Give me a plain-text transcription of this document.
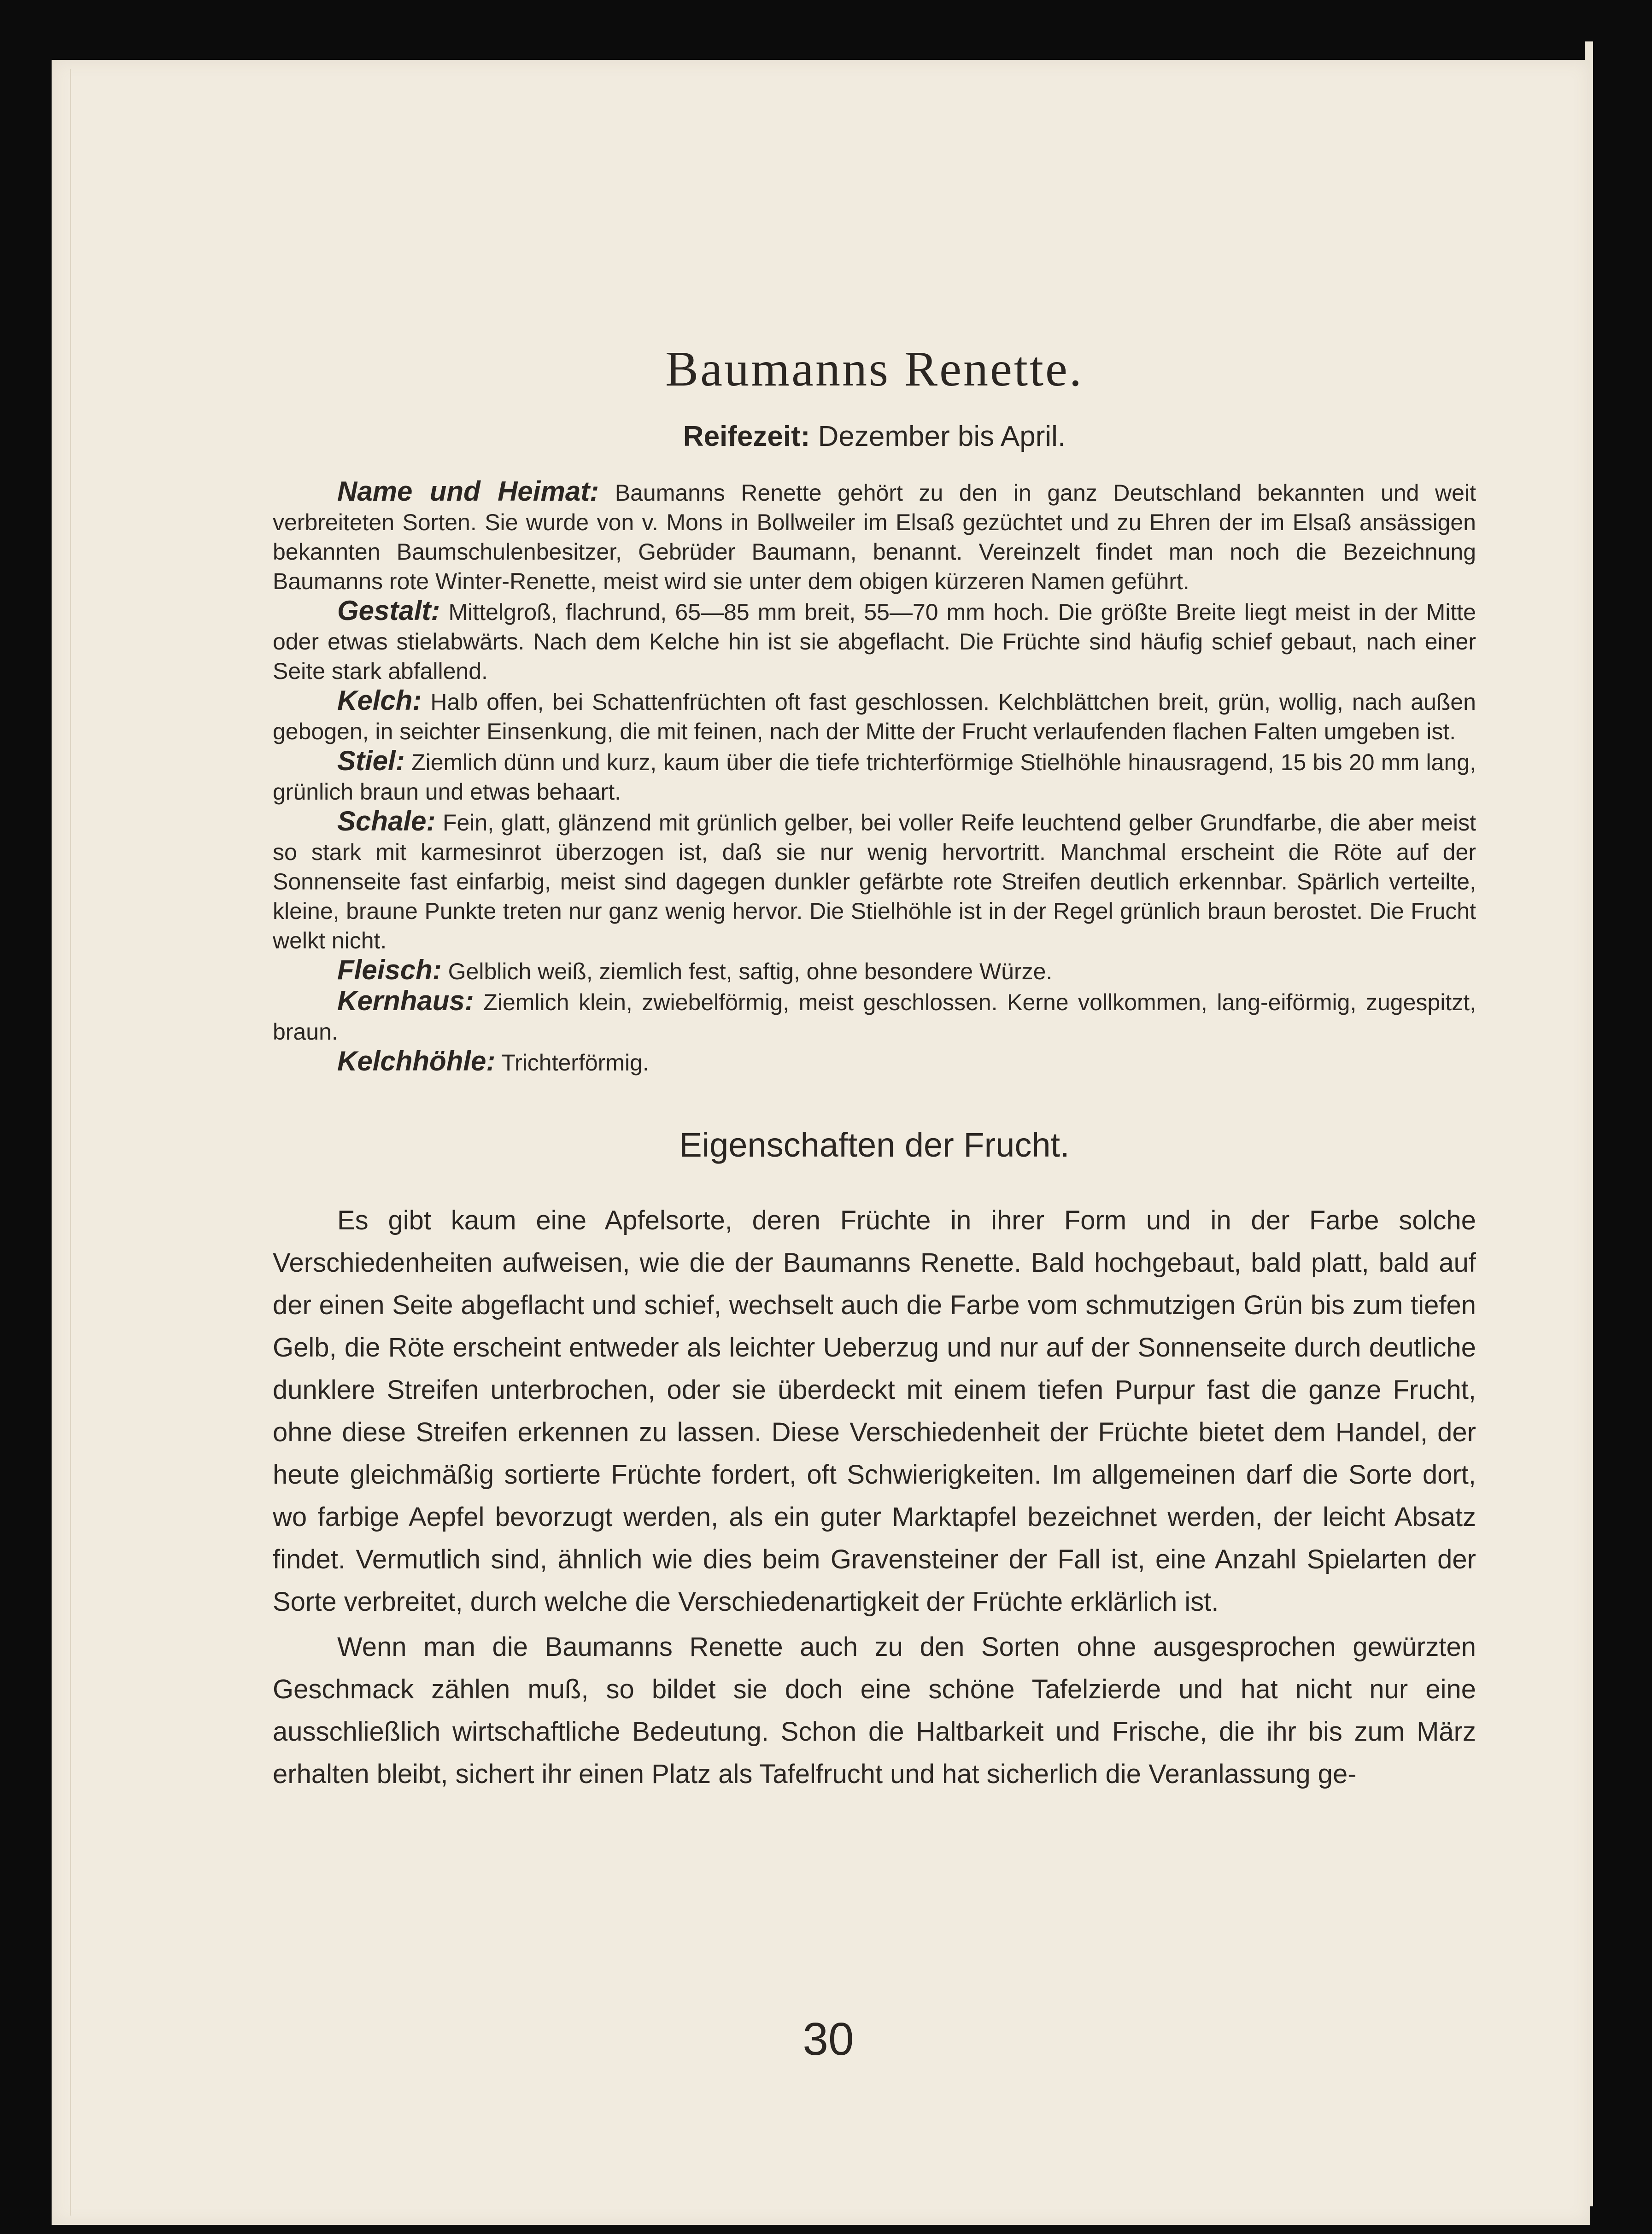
Baumanns Renette.

Reifezeit: Dezember bis April.

Name und Heimat: Baumanns Renette gehört zu den in ganz Deutschland bekannten und weit verbreiteten Sorten. Sie wurde von v. Mons in Bollweiler im Elsaß gezüchtet und zu Ehren der im Elsaß ansässigen bekannten Baumschulenbesitzer, Gebrüder Baumann, benannt. Vereinzelt findet man noch die Bezeichnung Baumanns rote Winter-Renette, meist wird sie unter dem obigen kürzeren Namen geführt.

Gestalt: Mittelgroß, flachrund, 65—85 mm breit, 55—70 mm hoch. Die größte Breite liegt meist in der Mitte oder etwas stielabwärts. Nach dem Kelche hin ist sie abgeflacht. Die Früchte sind häufig schief gebaut, nach einer Seite stark abfallend.

Kelch: Halb offen, bei Schattenfrüchten oft fast geschlossen. Kelchblättchen breit, grün, wollig, nach außen gebogen, in seichter Einsenkung, die mit feinen, nach der Mitte der Frucht verlaufenden flachen Falten umgeben ist.

Stiel: Ziemlich dünn und kurz, kaum über die tiefe trichterförmige Stielhöhle hinausragend, 15 bis 20 mm lang, grünlich braun und etwas behaart.

Schale: Fein, glatt, glänzend mit grünlich gelber, bei voller Reife leuchtend gelber Grundfarbe, die aber meist so stark mit karmesinrot überzogen ist, daß sie nur wenig hervortritt. Manchmal erscheint die Röte auf der Sonnenseite fast einfarbig, meist sind dagegen dunkler gefärbte rote Streifen deutlich erkennbar. Spärlich verteilte, kleine, braune Punkte treten nur ganz wenig hervor. Die Stielhöhle ist in der Regel grünlich braun berostet. Die Frucht welkt nicht.

Fleisch: Gelblich weiß, ziemlich fest, saftig, ohne besondere Würze.

Kernhaus: Ziemlich klein, zwiebelförmig, meist geschlossen. Kerne vollkommen, lang-eiförmig, zugespitzt, braun.

Kelchhöhle: Trichterförmig.

Eigenschaften der Frucht.

Es gibt kaum eine Apfelsorte, deren Früchte in ihrer Form und in der Farbe solche Verschiedenheiten aufweisen, wie die der Baumanns Renette. Bald hochgebaut, bald platt, bald auf der einen Seite abgeflacht und schief, wechselt auch die Farbe vom schmutzigen Grün bis zum tiefen Gelb, die Röte erscheint entweder als leichter Ueberzug und nur auf der Sonnenseite durch deutliche dunklere Streifen unterbrochen, oder sie überdeckt mit einem tiefen Purpur fast die ganze Frucht, ohne diese Streifen erkennen zu lassen. Diese Verschiedenheit der Früchte bietet dem Handel, der heute gleichmäßig sortierte Früchte fordert, oft Schwierigkeiten. Im allgemeinen darf die Sorte dort, wo farbige Aepfel bevorzugt werden, als ein guter Marktapfel bezeichnet werden, der leicht Absatz findet. Vermutlich sind, ähnlich wie dies beim Gravensteiner der Fall ist, eine Anzahl Spielarten der Sorte verbreitet, durch welche die Verschiedenartigkeit der Früchte erklärlich ist.

Wenn man die Baumanns Renette auch zu den Sorten ohne ausgesprochen gewürzten Geschmack zählen muß, so bildet sie doch eine schöne Tafelzierde und hat nicht nur eine ausschließlich wirtschaftliche Bedeutung. Schon die Haltbarkeit und Frische, die ihr bis zum März erhalten bleibt, sichert ihr einen Platz als Tafelfrucht und hat sicherlich die Veranlassung ge-

30
